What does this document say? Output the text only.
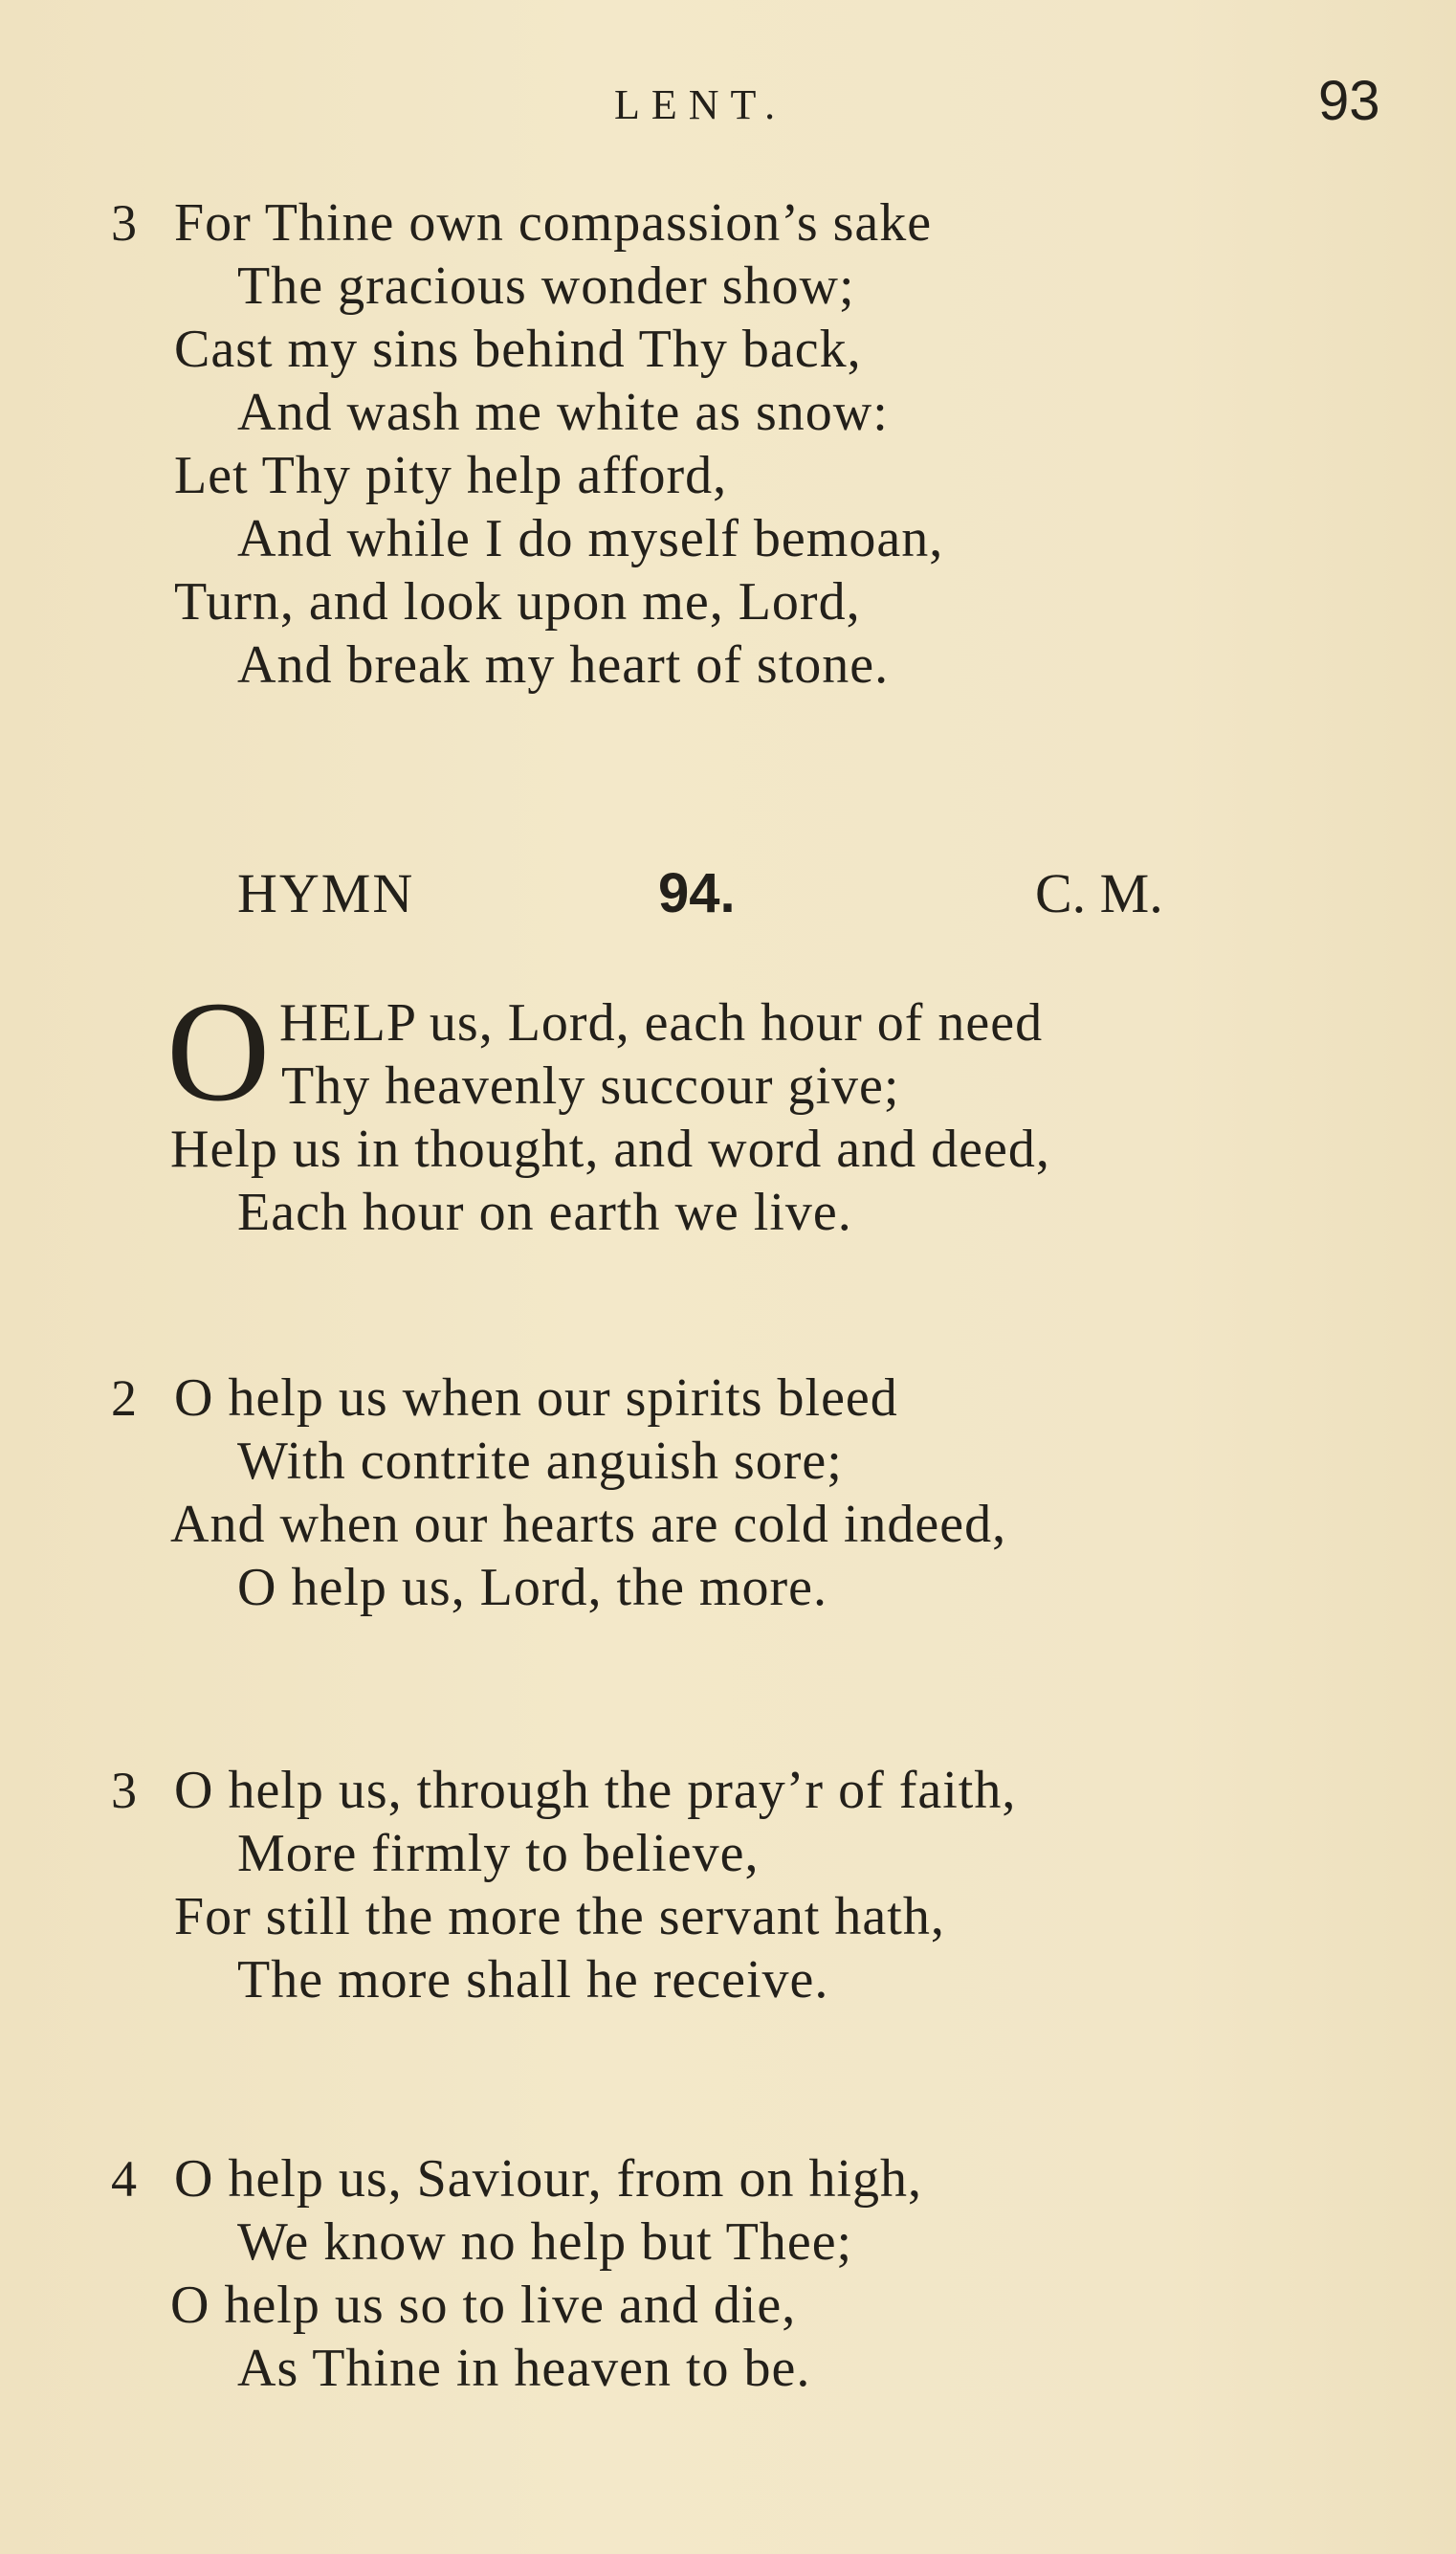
LENT.	93
3 For Thine own compassion’s sake
The gracious wonder show;
Cast my sins behind Thy back,
And wash me white as snow:
Let Thy pity help afford,
And while I do myself bemoan,
Turn, and look upon me, Lord,
And break my heart of stone.
HYMN	94.	C. M.
O HELP us, Lord, each hour of need
Thy heavenly succour give;
Help us in thought, and word and deed,
Each hour on earth we live.
2 O help us when our spirits bleed
With contrite anguish sore;
And when our hearts are cold indeed,
O help us, Lord, the more.
3 O help us, through the pray’r of faith,
More firmly to believe,
For still the more the servant hath,
The more shall he receive.
4 O help us, Saviour, from on high,
We know no help but Thee;
O help us so to live and die,
As Thine in heaven to be.
